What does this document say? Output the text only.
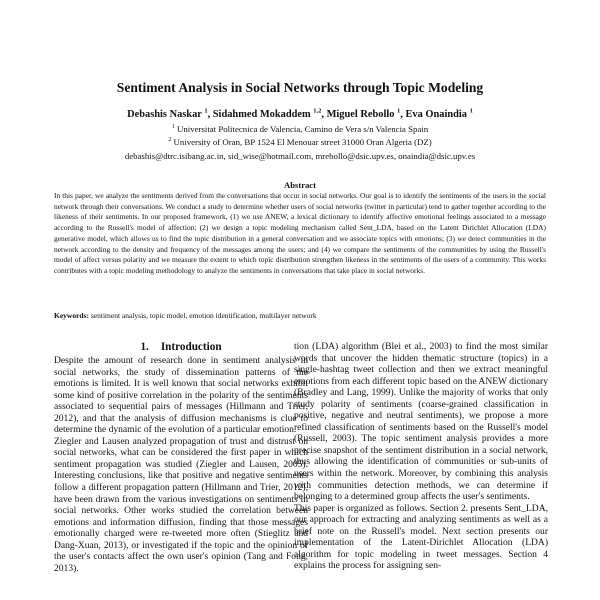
Sentiment Analysis in Social Networks through Topic Modeling
Debashis Naskar $^1$, Sidahmed Mokaddem $^{1,2}$, Miguel Rebollo $^1$, Eva Onaindia $^1$
$^1$ Universitat Politecnica de Valencia, Camino de Vera s/n Valencia Spain
$^2$ University of Oran, BP 1524 El Menouar street 31000 Oran Algeria (DZ)
debashis@dtrc.isibang.ac.in, sid_wise@hotmail.com, mrebollo@dsic.upv.es, onaindia@dsic.upv.es
Abstract
In this paper, we analyze the sentiments derived from the conversations that occur in social networks. Our goal is to identify the sentiments of the users in the social network through their conversations. We conduct a study to determine whether users of social networks (twitter in particular) tend to gather together according to the likeness of their sentiments. In our proposed framework, (1) we use ANEW, a lexical dictionary to identify affective emotional feelings associated to a message according to the Russell's model of affection; (2) we design a topic modeling mechanism called Sent_LDA, based on the Latent Dirichlet Allocation (LDA) generative model, which allows us to find the topic distribution in a general conversation and we associate topics with emotions; (3) we detect communities in the network according to the density and frequency of the messages among the users; and (4) we compare the sentiments of the communities by using the Russell's model of affect versus polarity and we measure the extent to which topic distribution strengthen likeness in the sentiments of the users of a community. This works contributes with a topic modeling methodology to analyze the sentiments in conversations that take place in social networks.
Keywords: sentiment analysis, topic model, emotion identification, multilayer network
1. Introduction

Despite the amount of research done in sentiment analysis in social networks, the study of dissemination patterns of the emotions is limited. It is well known that social networks exhibit some kind of positive correlation in the polarity of the sentiments associated to sequential pairs of messages (Hillmann and Trier, 2012), and that the analysis of diffusion mechanisms is clue to determine the dynamic of the evolution of a particular emotion.

Ziegler and Lausen analyzed propagation of trust and distrust on social networks, what can be considered the first paper in which sentiment propagation was studied (Ziegler and Lausen, 2005). Interesting conclusions, like that positive and negative sentiments follow a different propagation pattern (Hillmann and Trier, 2012), have been drawn from the various investigations on sentiments in social networks. Other works studied the correlation between emotions and information diffusion, finding that those messages emotionally charged were re-tweeted more often (Stieglitz and Dang-Xuan, 2013), or investigated if the topic and the opinion of the user's contacts affect the own user's opinion (Tang and Fong, 2013).

tion (LDA) algorithm (Blei et al., 2003) to find the most similar words that uncover the hidden thematic structure (topics) in a single-hashtag tweet collection and then we extract meaningful emotions from each different topic based on the ANEW dictionary (Bradley and Lang, 1999). Unlike the majority of works that only study polarity of sentiments (coarse-grained classification in positive, negative and neutral sentiments), we propose a more refined classification of sentiments based on the Russell's model (Russell, 2003). The topic sentiment analysis provides a more precise snapshot of the sentiment distribution in a social network, thus allowing the identification of communities or sub-units of users within the network. Moreover, by combining this analysis with communities detection methods, we can determine if belonging to a determined group affects the user's sentiments.

This paper is organized as follows. Section 2. presents Sent_LDA, our approach for extracting and analyzing sentiments as well as a brief note on the Russell's model. Next section presents our implementation of the Latent-Dirichlet Allocation (LDA) algorithm for topic modeling in tweet messages. Section 4 explains the process for assigning sen-
